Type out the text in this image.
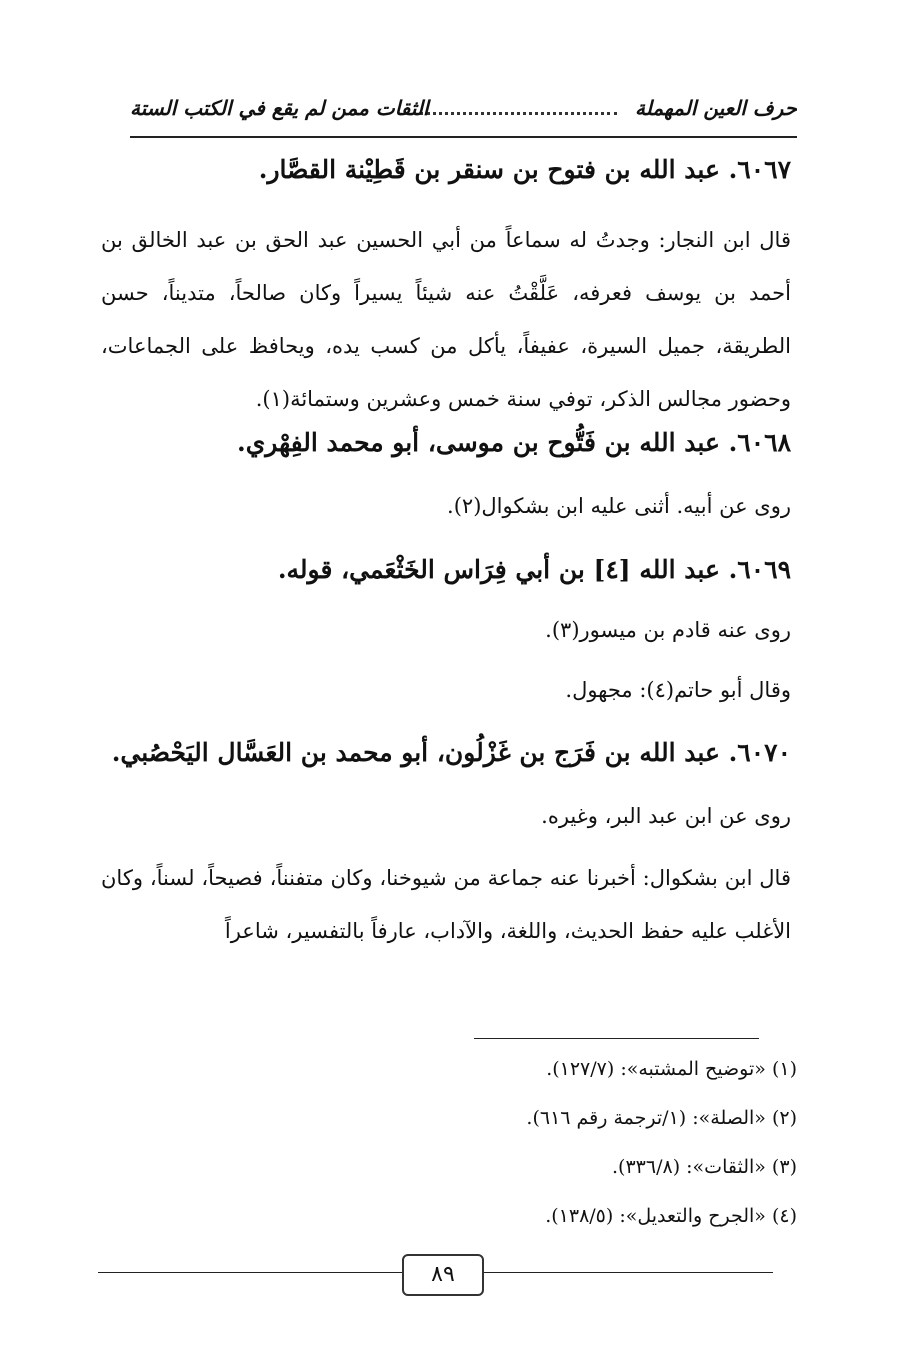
حرف العين المهملة
الثقات ممن لم يقع في الكتب الستة
٦٠٦٧. عبد الله بن فتوح بن سنقر بن قَطِيْنة القصَّار.
قال ابن النجار: وجدتُ له سماعاً من أبي الحسين عبد الحق بن عبد الخالق بن أحمد بن يوسف فعرفه، عَلَّقْتُ عنه شيئاً يسيراً وكان صالحاً، متديناً، حسن الطريقة، جميل السيرة، عفيفاً، يأكل من كسب يده، ويحافظ على الجماعات، وحضور مجالس الذكر، توفي سنة خمس وعشرين وستمائة(١).
٦٠٦٨. عبد الله بن فَتُّوح بن موسى، أبو محمد الفِهْري.
روى عن أبيه. أثنى عليه ابن بشكوال(٢).
٦٠٦٩. عبد الله [٤] بن أبي فِرَاس الخَثْعَمي، قوله.
روى عنه قادم بن ميسور(٣).
وقال أبو حاتم(٤): مجهول.
٦٠٧٠. عبد الله بن فَرَج بن غَزْلُون، أبو محمد بن العَسَّال اليَحْصُبي.
روى عن ابن عبد البر، وغيره.
قال ابن بشكوال: أخبرنا عنه جماعة من شيوخنا، وكان متفنناً، فصيحاً، لسناً، وكان الأغلب عليه حفظ الحديث، واللغة، والآداب، عارفاً بالتفسير، شاعراً
(١) «توضيح المشتبه»: (١٢٧/٧).
(٢) «الصلة»: (١/ترجمة رقم ٦١٦).
(٣) «الثقات»: (٣٣٦/٨).
(٤) «الجرح والتعديل»: (١٣٨/٥).
٨٩
